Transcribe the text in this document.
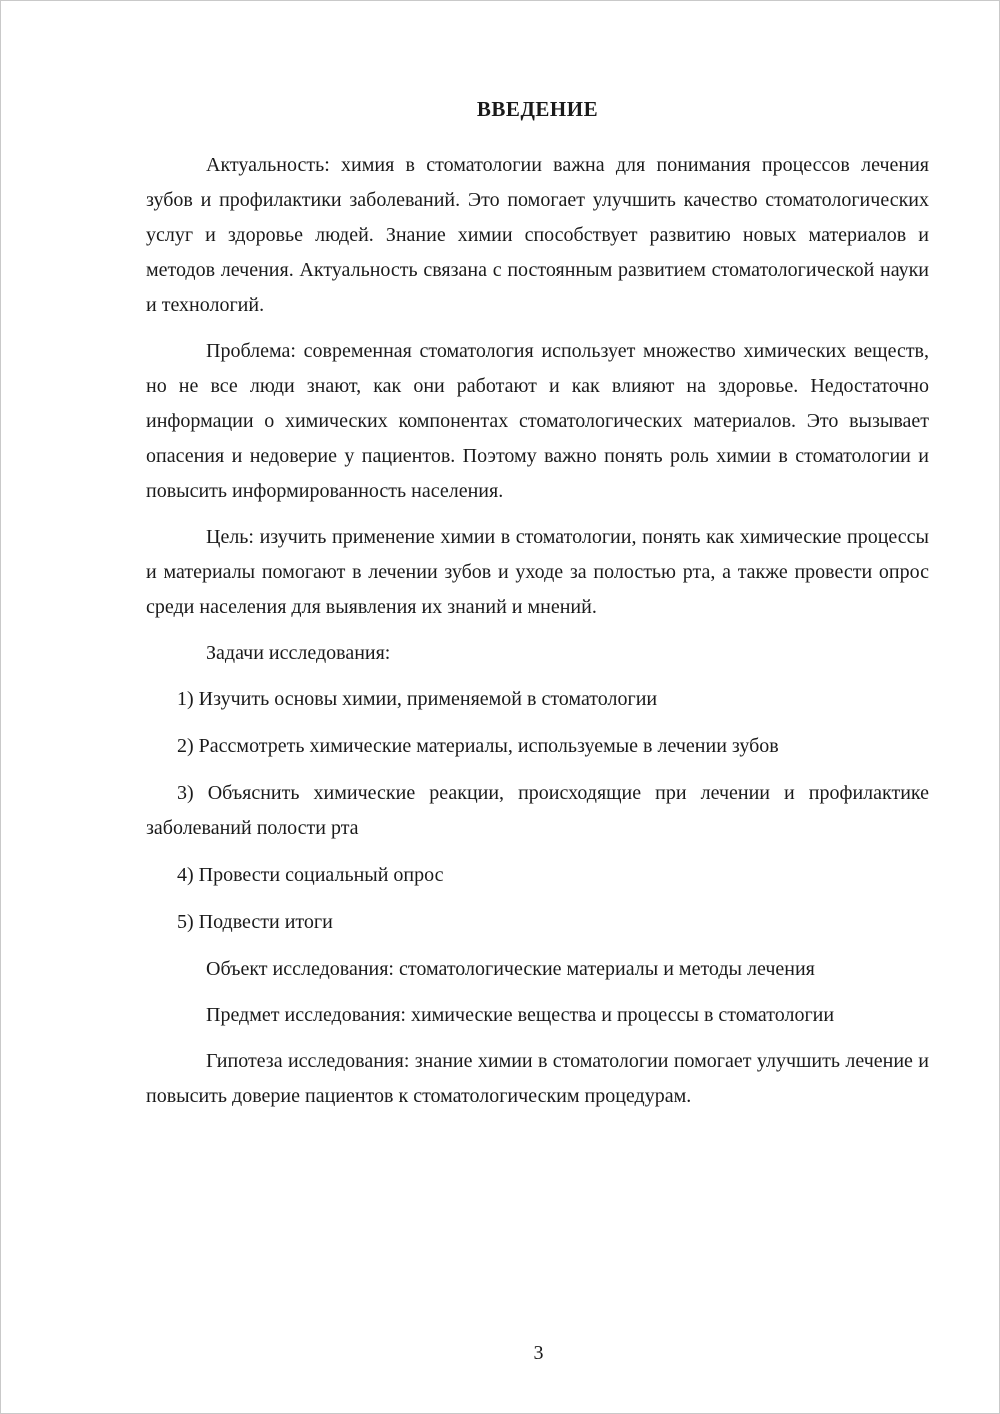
ВВЕДЕНИЕ

Актуальность: химия в стоматологии важна для понимания процессов лечения зубов и профилактики заболеваний. Это помогает улучшить качество стоматологических услуг и здоровье людей. Знание химии способствует развитию новых материалов и методов лечения. Актуальность связана с постоянным развитием стоматологической науки и технологий.

Проблема: современная стоматология использует множество химических веществ, но не все люди знают, как они работают и как влияют на здоровье. Недостаточно информации о химических компонентах стоматологических материалов. Это вызывает опасения и недоверие у пациентов. Поэтому важно понять роль химии в стоматологии и повысить информированность населения.

Цель: изучить применение химии в стоматологии, понять как химические процессы и материалы помогают в лечении зубов и уходе за полостью рта, а также провести опрос среди населения для выявления их знаний и мнений.

Задачи исследования:

1) Изучить основы химии, применяемой в стоматологии

2) Рассмотреть химические материалы, используемые в лечении зубов

3) Объяснить химические реакции, происходящие при лечении и профилактике заболеваний полости рта

4) Провести социальный опрос

5) Подвести итоги

Объект исследования: стоматологические материалы и методы лечения

Предмет исследования: химические вещества и процессы в стоматологии

Гипотеза исследования: знание химии в стоматологии помогает улучшить лечение и повысить доверие пациентов к стоматологическим процедурам.

3
